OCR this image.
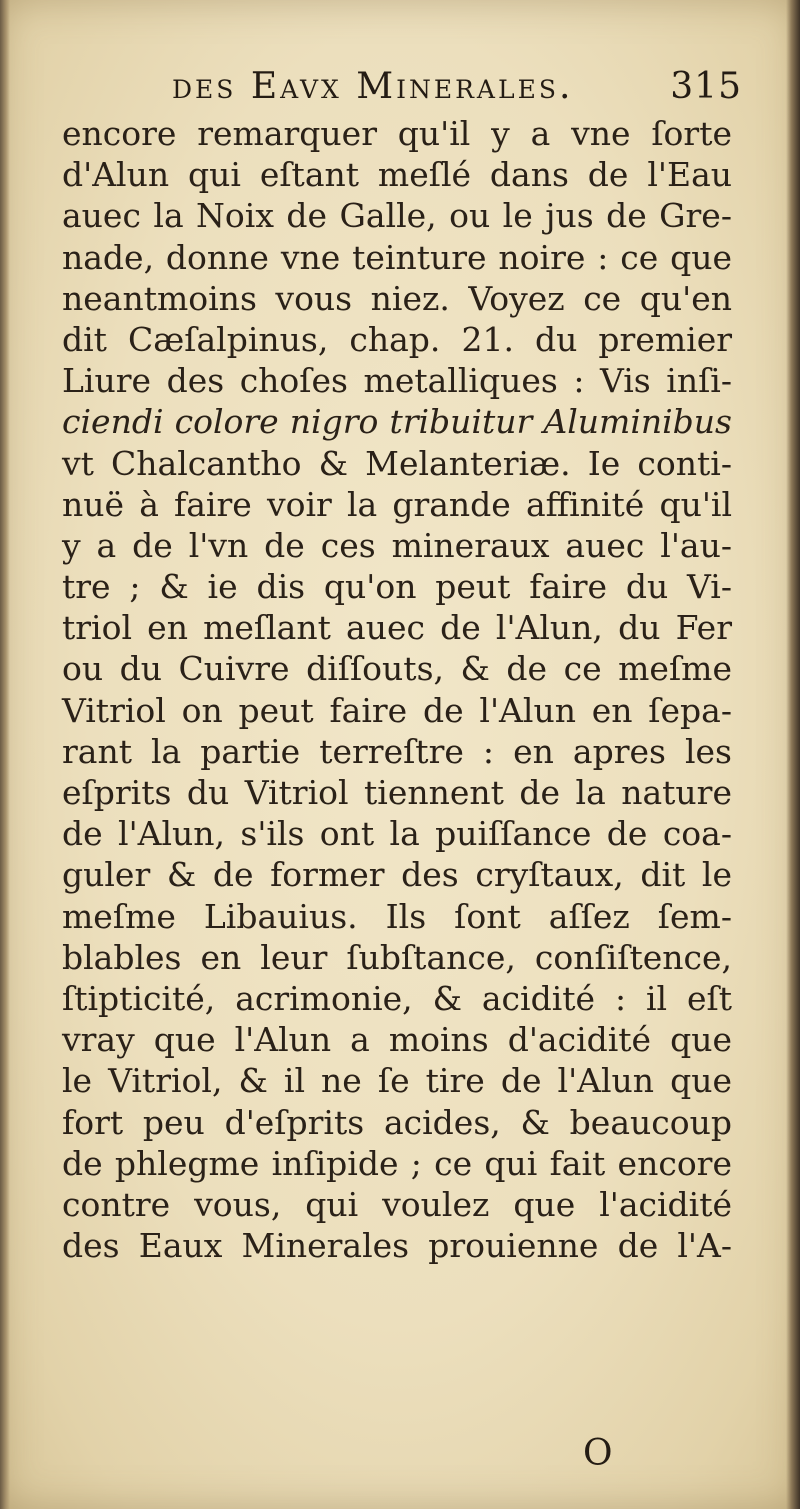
des Eavx Minerales.	315
encore remarquer qu'il y a vne ſorte
d'Alun qui eſtant meſlé dans de l'Eau
auec la Noix de Galle, ou le jus de Gre-
nade, donne vne teinture noire : ce que
neantmoins vous niez. Voyez ce qu'en
dit Cæſalpinus, chap. 21. du premier
Liure des choſes metalliques : Vis inſi-
ciendi colore nigro tribuitur Aluminibus
vt Chalcantho & Melanteriæ. Ie conti-
nuë à faire voir la grande affinité qu'il
y a de l'vn de ces mineraux auec l'au-
tre ; & ie dis qu'on peut faire du Vi-
triol en meſlant auec de l'Alun, du Fer
ou du Cuivre diſſouts, & de ce meſme
Vitriol on peut faire de l'Alun en ſepa-
rant la partie terreſtre : en apres les
eſprits du Vitriol tiennent de la nature
de l'Alun, s'ils ont la puiſſance de coa-
guler & de former des cryſtaux, dit le
meſme Libauius. Ils ſont aſſez ſem-
blables en leur ſubſtance, conſiſtence,
ſtipticité, acrimonie, & acidité : il eſt
vray que l'Alun a moins d'acidité que
le Vitriol, & il ne ſe tire de l'Alun que
fort peu d'eſprits acides, & beaucoup
de phlegme inſipide ; ce qui fait encore
contre vous, qui voulez que l'acidité
des Eaux Minerales prouienne de l'A-
O
